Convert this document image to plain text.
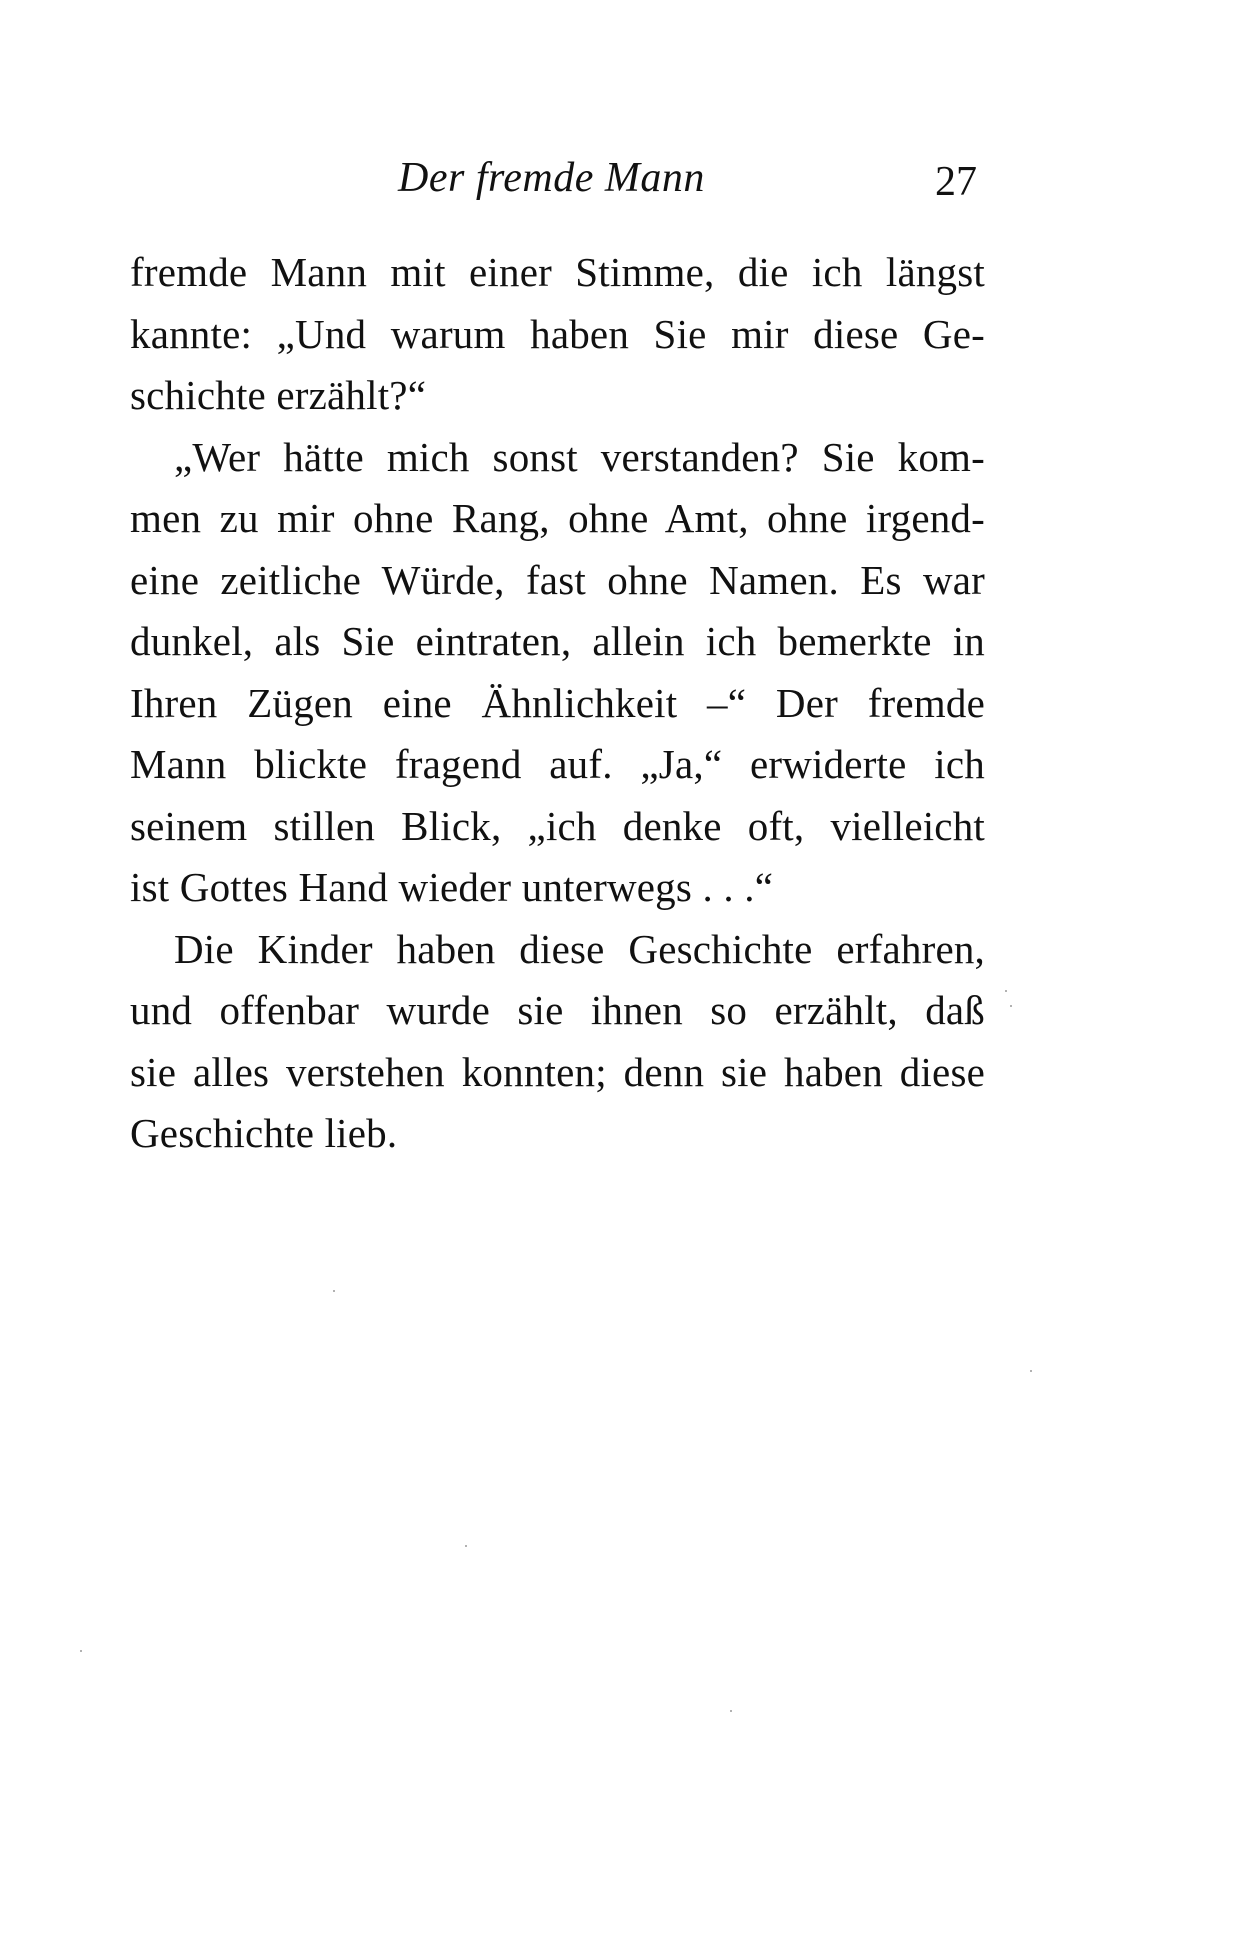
Der fremde Mann	27
fremde Mann mit einer Stimme, die ich längst
kannte: „Und warum haben Sie mir diese Ge-
schichte erzählt?“
„Wer hätte mich sonst verstanden? Sie kom-
men zu mir ohne Rang, ohne Amt, ohne irgend-
eine zeitliche Würde, fast ohne Namen. Es war
dunkel, als Sie eintraten, allein ich bemerkte in
Ihren Zügen eine Ähnlichkeit –“ Der fremde
Mann blickte fragend auf. „Ja,“ erwiderte ich
seinem stillen Blick, „ich denke oft, vielleicht
ist Gottes Hand wieder unterwegs . . .“
Die Kinder haben diese Geschichte erfahren,
und offenbar wurde sie ihnen so erzählt, daß
sie alles verstehen konnten; denn sie haben diese
Geschichte lieb.
